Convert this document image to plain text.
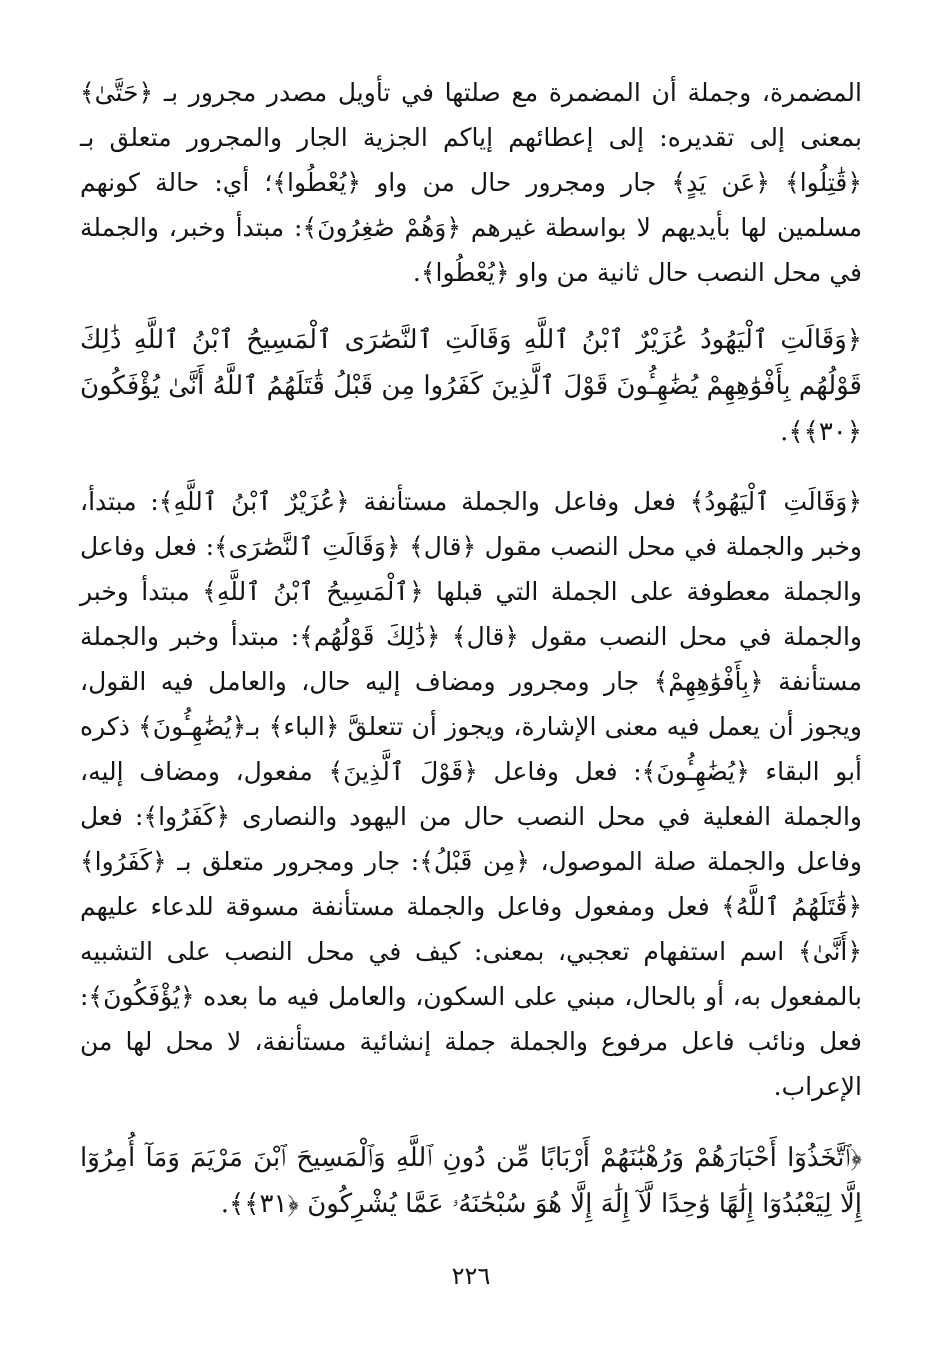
المضمرة، وجملة أن المضمرة مع صلتها في تأويل مصدر مجرور بـ ﴿حَتَّىٰ﴾ بمعنى إلى تقديره: إلى إعطائهم إياكم الجزية الجار والمجرور متعلق بـ ﴿قَٰتِلُوا﴾ ﴿عَن يَدٍ﴾ جار ومجرور حال من واو ﴿يُعْطُوا﴾؛ أي: حالة كونهم مسلمين لها بأيديهم لا بواسطة غيرهم ﴿وَهُمْ صَٰغِرُونَ﴾: مبتدأ وخبر، والجملة في محل النصب حال ثانية من واو ﴿يُعْطُوا﴾.

﴿وَقَالَتِ ٱلْيَهُودُ عُزَيْرٌ ٱبْنُ ٱللَّهِ وَقَالَتِ ٱلنَّصَٰرَى ٱلْمَسِيحُ ٱبْنُ ٱللَّهِ ذَٰلِكَ قَوْلُهُم بِأَفْوَٰهِهِمْ يُضَٰهِـُٔونَ قَوْلَ ٱلَّذِينَ كَفَرُوا مِن قَبْلُ قَٰتَلَهُمُ ٱللَّهُ أَنَّىٰ يُؤْفَكُونَ ﴿٣٠﴾﴾.

﴿وَقَالَتِ ٱلْيَهُودُ﴾ فعل وفاعل والجملة مستأنفة ﴿عُزَيْرٌ ٱبْنُ ٱللَّهِ﴾: مبتدأ، وخبر والجملة في محل النصب مقول ﴿قال﴾ ﴿وَقَالَتِ ٱلنَّصَٰرَى﴾: فعل وفاعل والجملة معطوفة على الجملة التي قبلها ﴿ٱلْمَسِيحُ ٱبْنُ ٱللَّهِ﴾ مبتدأ وخبر والجملة في محل النصب مقول ﴿قال﴾ ﴿ذَٰلِكَ قَوْلُهُم﴾: مبتدأ وخبر والجملة مستأنفة ﴿بِأَفْوَٰهِهِمْ﴾ جار ومجرور ومضاف إليه حال، والعامل فيه القول، ويجوز أن يعمل فيه معنى الإشارة، ويجوز أن تتعلقَّ ﴿الباء﴾ بـ﴿يُضَٰهِـُٔونَ﴾ ذكره أبو البقاء ﴿يُضَٰهِـُٔونَ﴾: فعل وفاعل ﴿قَوْلَ ٱلَّذِينَ﴾ مفعول، ومضاف إليه، والجملة الفعلية في محل النصب حال من اليهود والنصارى ﴿كَفَرُوا﴾: فعل وفاعل والجملة صلة الموصول، ﴿مِن قَبْلُ﴾: جار ومجرور متعلق بـ ﴿كَفَرُوا﴾ ﴿قَٰتَلَهُمُ ٱللَّهُ﴾ فعل ومفعول وفاعل والجملة مستأنفة مسوقة للدعاء عليهم ﴿أَنَّىٰ﴾ اسم استفهام تعجبي، بمعنى: كيف في محل النصب على التشبيه بالمفعول به، أو بالحال، مبني على السكون، والعامل فيه ما بعده ﴿يُؤْفَكُونَ﴾: فعل ونائب فاعل مرفوع والجملة جملة إنشائية مستأنفة، لا محل لها من الإعراب.

﴿ٱتَّخَذُوٓا أَحْبَارَهُمْ وَرُهْبَٰنَهُمْ أَرْبَابًا مِّن دُونِ ٱللَّهِ وَٱلْمَسِيحَ ٱبْنَ مَرْيَمَ وَمَآ أُمِرُوٓا إِلَّا لِيَعْبُدُوٓا إِلَٰهًا وَٰحِدًا لَّآ إِلَٰهَ إِلَّا هُوَ سُبْحَٰنَهُۥ عَمَّا يُشْرِكُونَ ﴿٣١﴾﴾.

٢٢٦
